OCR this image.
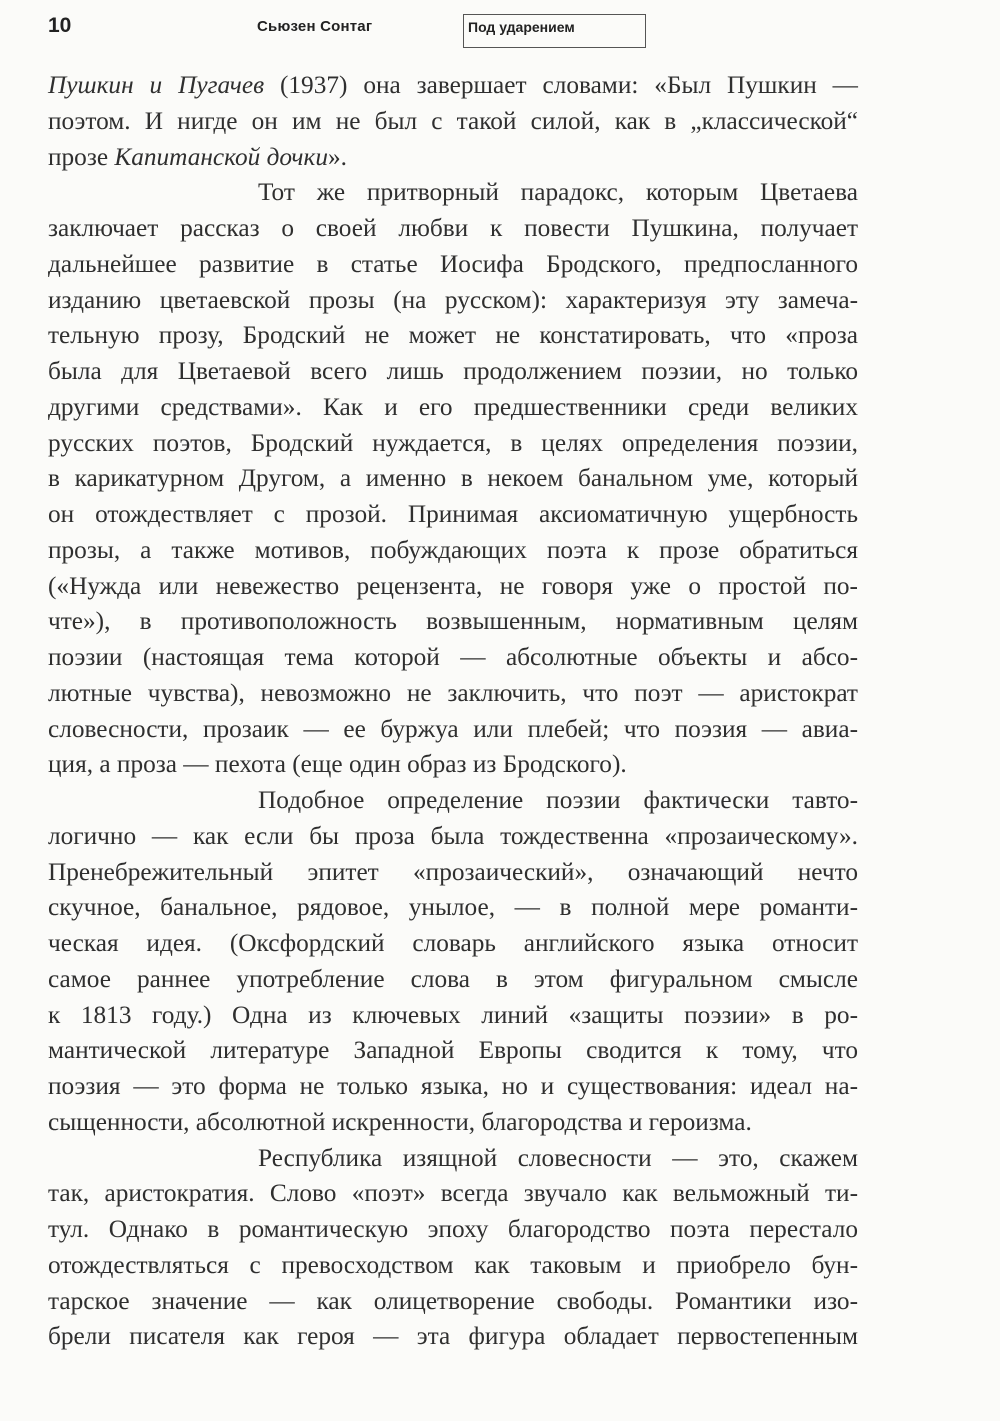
10	Сьюзен Сонтаг	Под ударением
Пушкин и Пугачев (1937) она завершает словами: «Был Пушкин —
поэтом. И нигде он им не был с такой силой, как в „классической“
прозе Капитанской дочки».
Тот же притворный парадокс, которым Цветаева
заключает рассказ о своей любви к повести Пушкина, получает
дальнейшее развитие в статье Иосифа Бродского, предпосланного
изданию цветаевской прозы (на русском): характеризуя эту замеча-
тельную прозу, Бродский не может не констатировать, что «проза
была для Цветаевой всего лишь продолжением поэзии, но только
другими средствами». Как и его предшественники среди великих
русских поэтов, Бродский нуждается, в целях определения поэзии,
в карикатурном Другом, а именно в некоем банальном уме, который
он отождествляет с прозой. Принимая аксиоматичную ущербность
прозы, а также мотивов, побуждающих поэта к прозе обратиться
(«Нужда или невежество рецензента, не говоря уже о простой по-
чте»), в противоположность возвышенным, нормативным целям
поэзии (настоящая тема которой — абсолютные объекты и абсо-
лютные чувства), невозможно не заключить, что поэт — аристократ
словесности, прозаик — ее буржуа или плебей; что поэзия — авиа-
ция, а проза — пехота (еще один образ из Бродского).
Подобное определение поэзии фактически тавто-
логично — как если бы проза была тождественна «прозаическому».
Пренебрежительный эпитет «прозаический», означающий нечто
скучное, банальное, рядовое, унылое, — в полной мере романти-
ческая идея. (Оксфордский словарь английского языка относит
самое раннее употребление слова в этом фигуральном смысле
к 1813 году.) Одна из ключевых линий «защиты поэзии» в ро-
мантической литературе Западной Европы сводится к тому, что
поэзия — это форма не только языка, но и существования: идеал на-
сыщенности, абсолютной искренности, благородства и героизма.
Республика изящной словесности — это, скажем
так, аристократия. Слово «поэт» всегда звучало как вельможный ти-
тул. Однако в романтическую эпоху благородство поэта перестало
отождествляться с превосходством как таковым и приобрело бун-
тарское значение — как олицетворение свободы. Романтики изо-
брели писателя как героя — эта фигура обладает первостепенным
